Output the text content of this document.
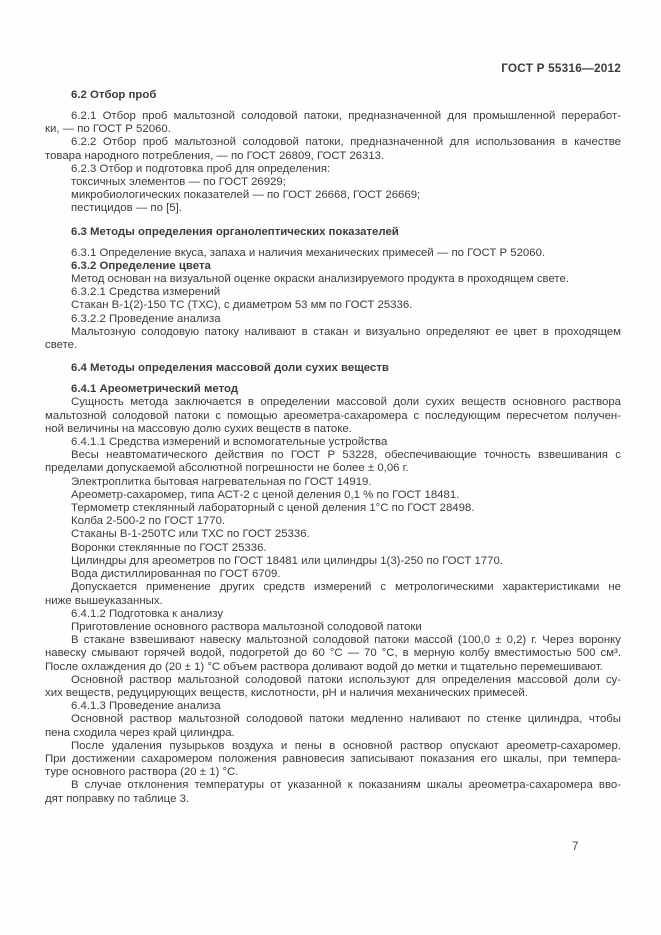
ГОСТ Р 55316—2012
6.2 Отбор проб
6.2.1 Отбор проб мальтозной солодовой патоки, предназначенной для промышленной переработ-
ки, — по ГОСТ Р 52060.
6.2.2 Отбор проб мальтозной солодовой патоки, предназначенной для использования в качестве
товара народного потребления, — по ГОСТ 26809, ГОСТ 26313.
6.2.3 Отбор и подготовка проб для определения:
токсичных элементов — по ГОСТ 26929;
микробиологических показателей — по ГОСТ 26668, ГОСТ 26669;
пестицидов — по [5].
6.3 Методы определения органолептических показателей
6.3.1 Определение вкуса, запаха и наличия механических примесей — по ГОСТ Р 52060.
6.3.2 Определение цвета
Метод основан на визуальной оценке окраски анализируемого продукта в проходящем свете.
6.3.2.1 Средства измерений
Стакан В-1(2)-150 ТС (ТХС), с диаметром 53 мм по ГОСТ 25336.
6.3.2.2 Проведение анализа
Мальтозную солодовую патоку наливают в стакан и визуально определяют ее цвет в проходящем
свете.
6.4 Методы определения массовой доли сухих веществ
6.4.1 Ареометрический метод
Сущность метода заключается в определении массовой доли сухих веществ основного раствора
мальтозной солодовой патоки с помощью ареометра-сахаромера с последующим пересчетом получен-
ной величины на массовую долю сухих веществ в патоке.
6.4.1.1 Средства измерений и вспомогательные устройства
Весы неавтоматического действия по ГОСТ Р 53228, обеспечивающие точность взвешивания с
пределами допускаемой абсолютной погрешности не более ± 0,06 г.
Электроплитка бытовая нагревательная по ГОСТ 14919.
Ареометр-сахаромер, типа АСТ-2 с ценой деления 0,1 % по ГОСТ 18481.
Термометр стеклянный лабораторный с ценой деления 1°С по ГОСТ 28498.
Колба 2-500-2 по ГОСТ 1770.
Стаканы В-1-250ТС или ТХС по ГОСТ 25336.
Воронки стеклянные по ГОСТ 25336.
Цилиндры для ареометров по ГОСТ 18481 или цилиндры 1(3)-250 по ГОСТ 1770.
Вода дистиллированная по ГОСТ 6709.
Допускается применение других средств измерений с метрологическими характеристиками не
ниже вышеуказанных.
6.4.1.2 Подготовка к анализу
Приготовление основного раствора мальтозной солодовой патоки
В стакане взвешивают навеску мальтозной солодовой патоки массой (100,0 ± 0,2) г. Через воронку
навеску смывают горячей водой, подогретой до 60 °С — 70 °С, в мерную колбу вместимостью 500 см³.
После охлаждения до (20 ± 1) °С объем раствора доливают водой до метки и тщательно перемешивают.
Основной раствор мальтозной солодовой патоки используют для определения массовой доли су-
хих веществ, редуцирующих веществ, кислотности, рН и наличия механических примесей.
6.4.1.3 Проведение анализа
Основной раствор мальтозной солодовой патоки медленно наливают по стенке цилиндра, чтобы
пена сходила через край цилиндра.
После удаления пузырьков воздуха и пены в основной раствор опускают ареометр-сахаромер.
При достижении сахаромером положения равновесия записывают показания его шкалы, при темпера-
туре основного раствора (20 ± 1) °С.
В случае отклонения температуры от указанной к показаниям шкалы ареометра-сахаромера вво-
дят поправку по таблице 3.
7
